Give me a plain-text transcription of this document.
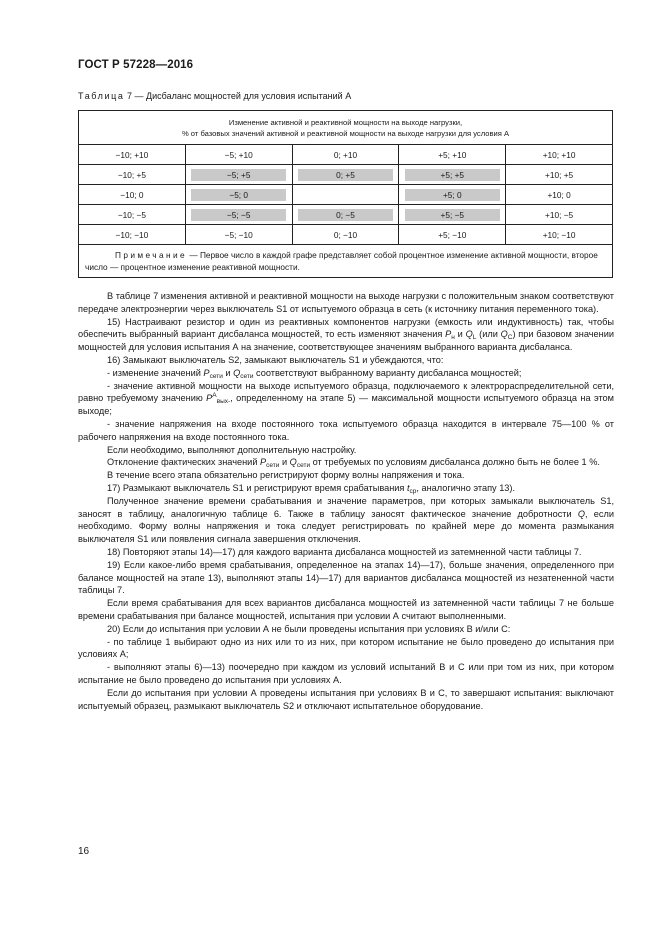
ГОСТ Р 57228—2016
Таблица 7 — Дисбаланс мощностей для условия испытаний А
Изменение активной и реактивной мощности на выходе нагрузки,
% от базовых значений активной и реактивной мощности на выходе нагрузки для условия А				

−10; +10	−5; +10	0; +10	+5; +10	+10; +10
−10; +5	−5; +5	0; +5	+5; +5	+10; +5
−10; 0	−5; 0		+5; 0	+10; 0
−10; −5	−5; −5	0; −5	+5; −5	+10; −5
−10; −10	−5; −10	0; −10	+5; −10	+10; −10
Примечание — Первое число в каждой графе представляет собой процентное изменение активной мощности, второе число — процентное изменение реактивной мощности.				

В таблице 7 изменения активной и реактивной мощности на выходе нагрузки с положительным знаком соответствуют передаче электроэнергии через выключатель S1 от испытуемого образца в сеть (к источнику питания переменного тока).

15) Настраивают резистор и один из реактивных компонентов нагрузки (емкость или индуктивность) так, чтобы обеспечить выбранный вариант дисбаланса мощностей, то есть изменяют значения $P_н$ и $Q_L$ (или $Q_C$) при базовом значении мощностей для условия испытания А на значение, соответствующее значениям выбранного варианта дисбаланса.

16) Замыкают выключатель S2, замыкают выключатель S1 и убеждаются, что:

- изменение значений $P_{сети}$ и $Q_{сети}$ соответствуют выбранному варианту дисбаланса мощностей;

- значение активной мощности на выходе испытуемого образца, подключаемого к электрораспределительной сети, равно требуемому значению $P^А_{вых-}$, определенному на этапе 5) — максимальной мощности испытуемого образца на этом выходе;

- значение напряжения на входе постоянного тока испытуемого образца находится в интервале 75—100 % от рабочего напряжения на входе постоянного тока.

Если необходимо, выполняют дополнительную настройку.

Отклонение фактических значений $P_{сети}$ и $Q_{сети}$ от требуемых по условиям дисбаланса должно быть не более 1 %.

В течение всего этапа обязательно регистрируют форму волны напряжения и тока.

17) Размыкают выключатель S1 и регистрируют время срабатывания $t_{ср}$, аналогично этапу 13).

Полученное значение времени срабатывания и значение параметров, при которых замыкали выключатель S1, заносят в таблицу, аналогичную таблице 6. Также в таблицу заносят фактическое значение добротности Q, если необходимо. Форму волны напряжения и тока следует регистрировать по крайней мере до момента размыкания выключателя S1 или появления сигнала завершения отключения.

18) Повторяют этапы 14)—17) для каждого варианта дисбаланса мощностей из затемненной части таблицы 7.

19) Если какое-либо время срабатывания, определенное на этапах 14)—17), больше значения, определенного при балансе мощностей на этапе 13), выполняют этапы 14)—17) для вариантов дисбаланса мощностей из незатененной части таблицы 7.

Если время срабатывания для всех вариантов дисбаланса мощностей из затемненной части таблицы 7 не больше времени срабатывания при балансе мощностей, испытания при условии А считают выполненными.

20) Если до испытания при условии А не были проведены испытания при условиях В и/или С:

- по таблице 1 выбирают одно из них или то из них, при котором испытание не было проведено до испытания при условиях А;

- выполняют этапы 6)—13) поочередно при каждом из условий испытаний В и С или при том из них, при котором испытание не было проведено до испытания при условиях А.

Если до испытания при условии А проведены испытания при условиях В и С, то завершают испытания: выключают испытуемый образец, размыкают выключатель S2 и отключают испытательное оборудование.

16
